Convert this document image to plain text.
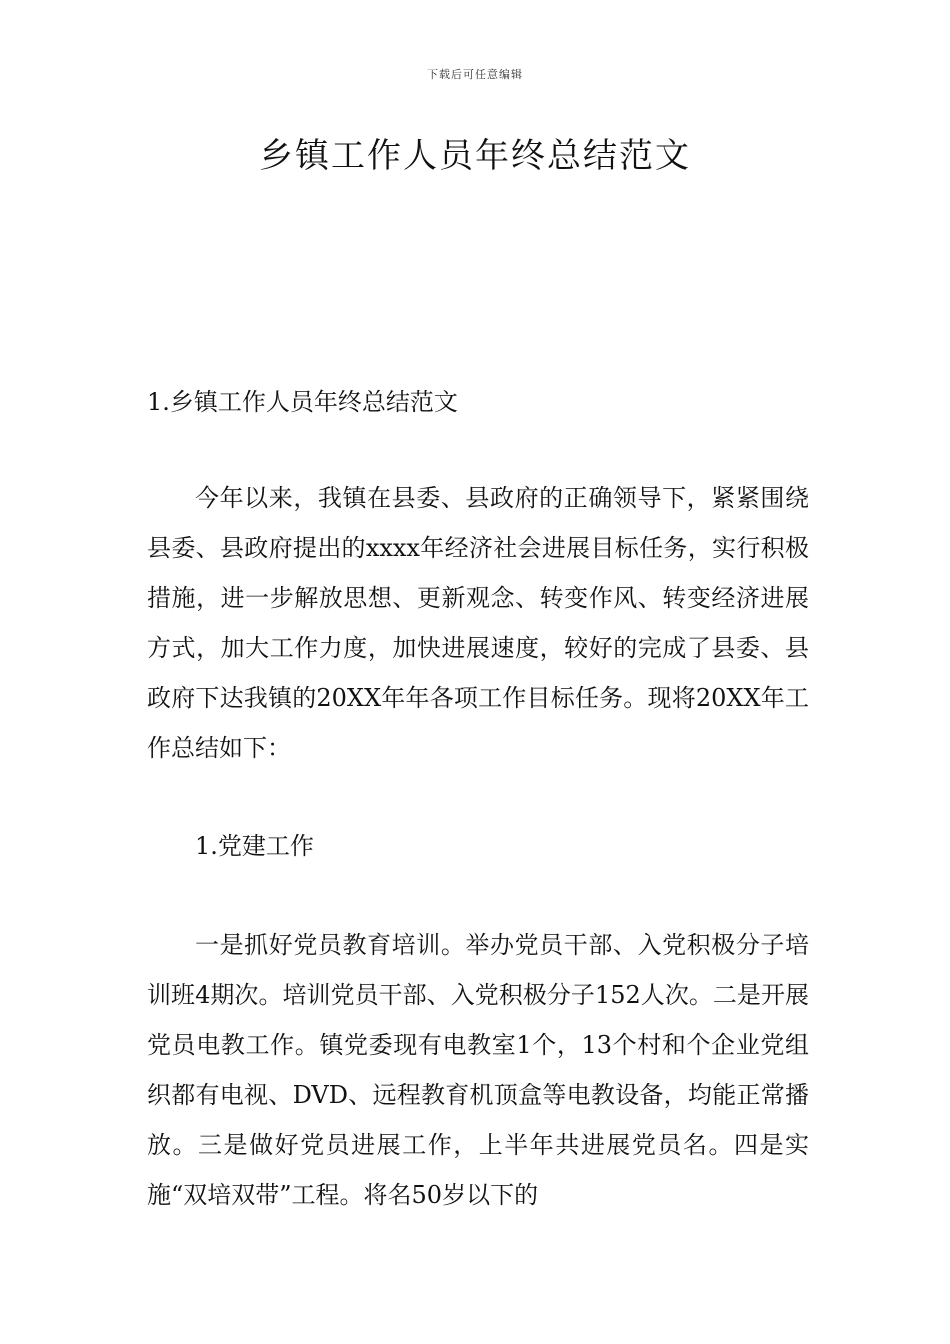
下载后可任意编辑
乡镇工作人员年终总结范文

1.乡镇工作人员年终总结范文

今年以来，我镇在县委、县政府的正确领导下，紧紧围绕县委、县政府提出的xxxx年经济社会进展目标任务，实行积极措施，进一步解放思想、更新观念、转变作风、转变经济进展方式，加大工作力度，加快进展速度，较好的完成了县委、县政府下达我镇的20XX年年各项工作目标任务。现将20XX年工作总结如下：

1.党建工作

一是抓好党员教育培训。举办党员干部、入党积极分子培训班4期次。培训党员干部、入党积极分子152人次。二是开展党员电教工作。镇党委现有电教室1个，13个村和个企业党组织都有电视、DVD、远程教育机顶盒等电教设备，均能正常播放。三是做好党员进展工作，上半年共进展党员名。四是实施“双培双带”工程。将名50岁以下的
